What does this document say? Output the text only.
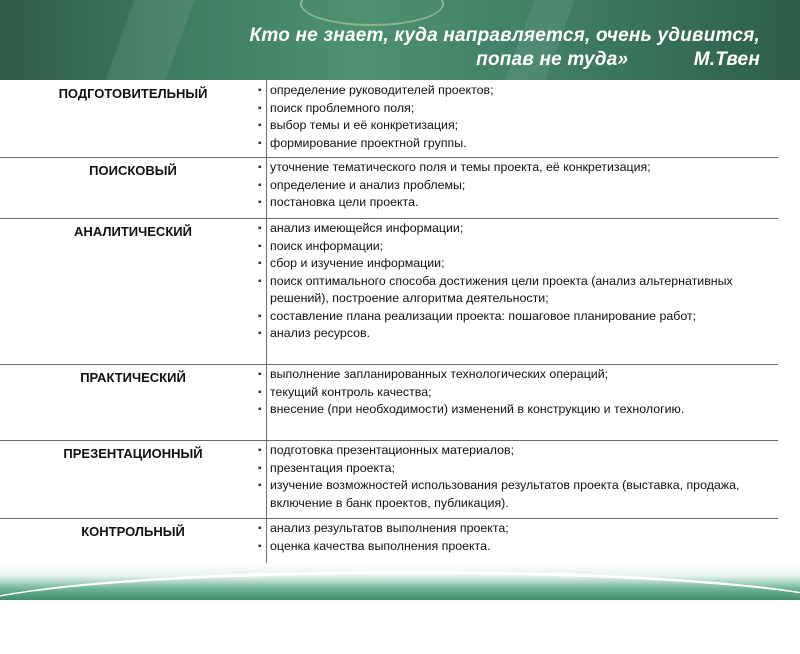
Кто не знает, куда направляется, очень удивится,
попав не туда»	М.Твен
ПОДГОТОВИТЕЛЬНЫЙ	▪ определение руководителей проектов;
▪ поиск проблемного поля;
▪ выбор темы и её конкретизация;
▪ формирование проектной группы.
ПОИСКОВЫЙ	▪ уточнение тематического поля и темы проекта, её конкретизация;
▪ определение и анализ проблемы;
▪ постановка цели проекта.
АНАЛИТИЧЕСКИЙ	▪ анализ имеющейся информации;
▪ поиск информации;
▪ сбор и изучение информации;
▪ поиск оптимального способа достижения цели проекта (анализ альтернативных решений), построение алгоритма деятельности;
▪ составление плана реализации проекта: пошаговое планирование работ;
▪ анализ ресурсов.
ПРАКТИЧЕСКИЙ	▪ выполнение запланированных технологических операций;
▪ текущий контроль качества;
▪ внесение (при необходимости) изменений в конструкцию и технологию.
ПРЕЗЕНТАЦИОННЫЙ	▪ подготовка презентационных материалов;
▪ презентация проекта;
▪ изучение возможностей использования результатов проекта (выставка, продажа, включение в банк проектов, публикация).
КОНТРОЛЬНЫЙ	▪ анализ результатов выполнения проекта;
▪ оценка качества выполнения проекта.
